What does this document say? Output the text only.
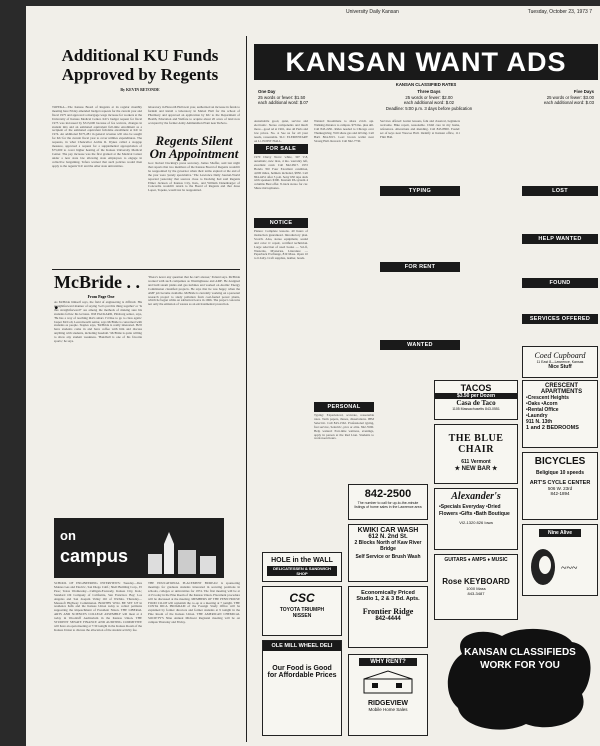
University Daily Kansan	Tuesday, October 23, 1973 7
Additional KU Funds Approved by Regents
By KEVIN BETONDE
TOPEKA—The Kansas Board of Regents at its regular monthly meeting here Friday amended budget requests for the current year and fiscal 1975 and approved a mortgage wage increase for workers at the University of Kansas Medical Center. KU's budget request for fiscal 1975 was increased by $313,600 because of fee waivers, changes in student mix and an estimated equivalent full-time enrollment as a recipient of the estimated equivalent full-time enrollment at KU in 1974. An additional $575,281 in general revenue will also be sought for KU for the current fiscal year to cover utilities expenditures. The requests, in what Chancellor Archie R. Dykes called a stopgap measure, approved a request for a supplemental appropriation of $75,000 to cover higher heating of the Kansas University Medical Center. The pay increase was the first granted at the Medical Center under a new state law allowing state employees to engage in collective bargaining. Tefera warned that such policies would then apply to the regents' KU and the other state universities.
laboratory in Haworth Hall next year, authorized an increase in funds to furnish and install a laboratory in Malott Hall for the school of Pharmacy and approved an application by KU to the Department of Health, Education and Welfare to acquire about 20 acres of land now occupied by the former Army Ammunition Plant near DeSoto.
Regents Silent On Appointment
Gov. Robert Docking's press secretary, James Shaffer, said last night that reports that two members of the Kansas Board of Regents wouldn't be reappointed by the governor when their terms expired at the end of the year were 'purely speculative.' The Lawrence Daily Journal-World reported yesterday that sources close to Docking had said Regents Elmer Jackson of Kansas City, Kan., and William Danenbarger of Concordia wouldn't return to the Board of Regents and that Jesse Lopez, Topeka, would not be reappointed.
McBride . . .	From Page One
As McBride himself says, the field of engineering is difficult. His straightforward manner of saying 'Let's put this thing together' or 'Is this straightforward?' are among the methods of making sure his students follow his lectures. JIM PACKARD, Pittsburg senior, says, 'He has a way of teaching that's smart. I'd like to go to class again.' Jasper McColl, Leavenworth senior, says McBride is concerned with students as people. Staples says, 'McBride is really interested. He'll have students come in and have coffee with him and discuss anything with students, including baseball.' McBride is quite willing to show any student weakness. 'Handball is one of his favorite sports,' he says.
'There's never any question that he can't answer,' Poland says. McBride worked with such companies as Westinghouse and AMF. He designed and built steam plants and gas turbines and worked on Atomic Energy Commission classified projects. He says that he was happy when the AMF job became available. McBride is currently working on a personal research project to study pollution from coal-fueled power plants, which he began while on sabbatical leave in 1966. The project concerns not only the emission of wastes as an environmental protection.
on
campus
SCHOOL OF ENGINEERING INTERVIEWS: Tuesday—Des Moines Gas and Electric, San Diego Calif.; Shell Building Corp., El Paso; Texas Wednesday—Culligan-Eveready, Kansas City, Kan.; Standard Oil Company of California, San Francisco Bay; Los Angeles and San Joaquin Valley Oil of Wichita. Thursday—Mesasoft Highway Commission. BOOTHS WILL BE SET UP in residence halls and the Kansas Union today to collect petitions supporting the impeachment of President Nixon. THE LIBERAL ARTS AND SCIENCES COLLEGE ASSEMBLY will meet at 4 today in Woodruff Auditorium in the Kansas Union. THE STUDENT SENATE FINANCE AND AUDITING COMMITTEE will have an open meeting at 7:30 tonight in the Kansas Room of the Kansas Union to discuss the allocation of the student activity fee.
THE EDUCATIONAL PLACEMENT BUREAU is sponsoring meetings for graduate students interested in securing positions in schools, colleges or universities for 1974. The first meeting will be at 4:15 today in the Pine Room of the Kansas Union. Placement procedure will be discussed at the meeting. MEMBERS OF THE PENN HOUSE FOOD CO-OP will replenish the co-op at a meeting at 7 tonight. THE COSTA RICA PROGRAM of the Foreign Study Office will be explained by former directors and former students at 9 tonight in the Pine Room of the Kansas Union. THE AMERICAN CHEMICAL SOCIETY'S Nine Annual Midwest Regional meeting will be on campus Thursday and Friday.
KANSAN WANT ADS
KANSAN CLASSIFIED RATES
One Day
25 words or fewer: $1.50
each additional word: $.07
Three Days
25 words or fewer: $2.00
each additional word: $.02
Deadline: 5:00 p.m. 3 days before publication
Five Days
25 words or fewer: $3.00
each additional word: $.03
Automobile good, quiet, service and electronic. Stereo components and much more—good ad at 1961, also all Paris and low prices. No. 4. See us for all your needs, reasonable. SLC ELEMENTARY on Lt. POINT HALL.
FOR SALE
1970 Chevy Nova: white, 307 V-8, automatic, new tires, 4 mo. warranty left, excellent cond. Call 842-0917. 1972 Honda 350 Four Excellent condition, 4,000 miles, helmets included, $850. Call 864-4451 after 5 p.m. Sony 630 tape deck with speakers $300. Kustom PA system 4 columns Best offer. 8-track stereo for car. Shure microphones.
NOTICE
Pianos: Complete lessons. 40 hours of instruction guaranteed. Introductory plan. Scotch. Also, stereo equipment, sound and color tv repair, certified technician. Large selection of used books — Sci-fi, Westerns, Mysteries, Literature — Paperback Exchange, 819 Mass. Open 10 to 6 daily. Craft supplies, leather, beads.
Wanted: Roommate to share 2-bdr. apt. Walking distance to campus. $75/mo. plus util. Call 843-2291. Rides needed to Chicago over Thanksgiving. Will share gas and driving. Call Barb 864-3015. Lost: brown wallet near Strong Hall. Reward. Call 842-7730.
PERSONAL
Typing: Experienced, accurate, reasonable rates. Term papers, theses, dissertations. IBM Selectric. Call 843-1562. Professional typing, fast service, Selectric, pica or elite. 842-5590. Help wanted: Part-time waitress, evenings, apply in person at the Red Lion. Students to work noon hours.
Services offered: Guitar lessons, folk and classical, beginners welcome. Bike repair, reasonable. Child care in my home, references. Alterations and mending. Call 843-8800. Found: set of keys near Wescoe Hall. Identify at Kansan office, 111 Flint Hall.
TYPING
FOR RENT
WANTED
LOST
HELP WANTED
FOUND
SERVICES OFFERED
Coed Cupboard
11 East 8—Lawrence, Kansas
Nice Stuff
TACOS
$3.50 per Dozen
Casa de Taco
1105 Massachusetts 843-0551
CRESCENT APARTMENTS
•Crescent Heights
•Oaks •Acorn
•Rental Office
•Laundry
911 N. 13th
1 and 2 BEDROOMS
THE BLUE CHAIR
611 Vermont
★ NEW BAR ★
BICYCLES
Beligique 10 speeds
ART'S CYCLE CENTER
506 W. 23rd
842-1894
842-2500
The number to call for up-to-the-minute listings of home sales in the Lawrence area
Alexander's
•Specials Everyday •Dried Flowers •Gifts •Bath Boutique
VI2-1320 826 Iowa
KWIKI CAR WASH
612 N. 2nd St.
2 Blocks North of Kaw River Bridge
Self Service or Brush Wash
Nine Alive
~~~
HOLE in the WALL
DELICATESSEN & SANDWICH SHOP
GUITARS ♦ AMPS ♦ MUSIC
Rose KEYBOARD
1000 Mass
843-3487
CSC
TOYOTA TRIUMPH NISSEN
Economically Priced Studio 1, 2 & 3 Bd. Apts.
Frontier Ridge
842-4444
KANSAN CLASSIFIEDS WORK FOR YOU
OLE MILL WHEEL DELI
Our Food is Good for Affordable Prices
WHY RENT?
RIDGEVIEW
Mobile Home Sales
